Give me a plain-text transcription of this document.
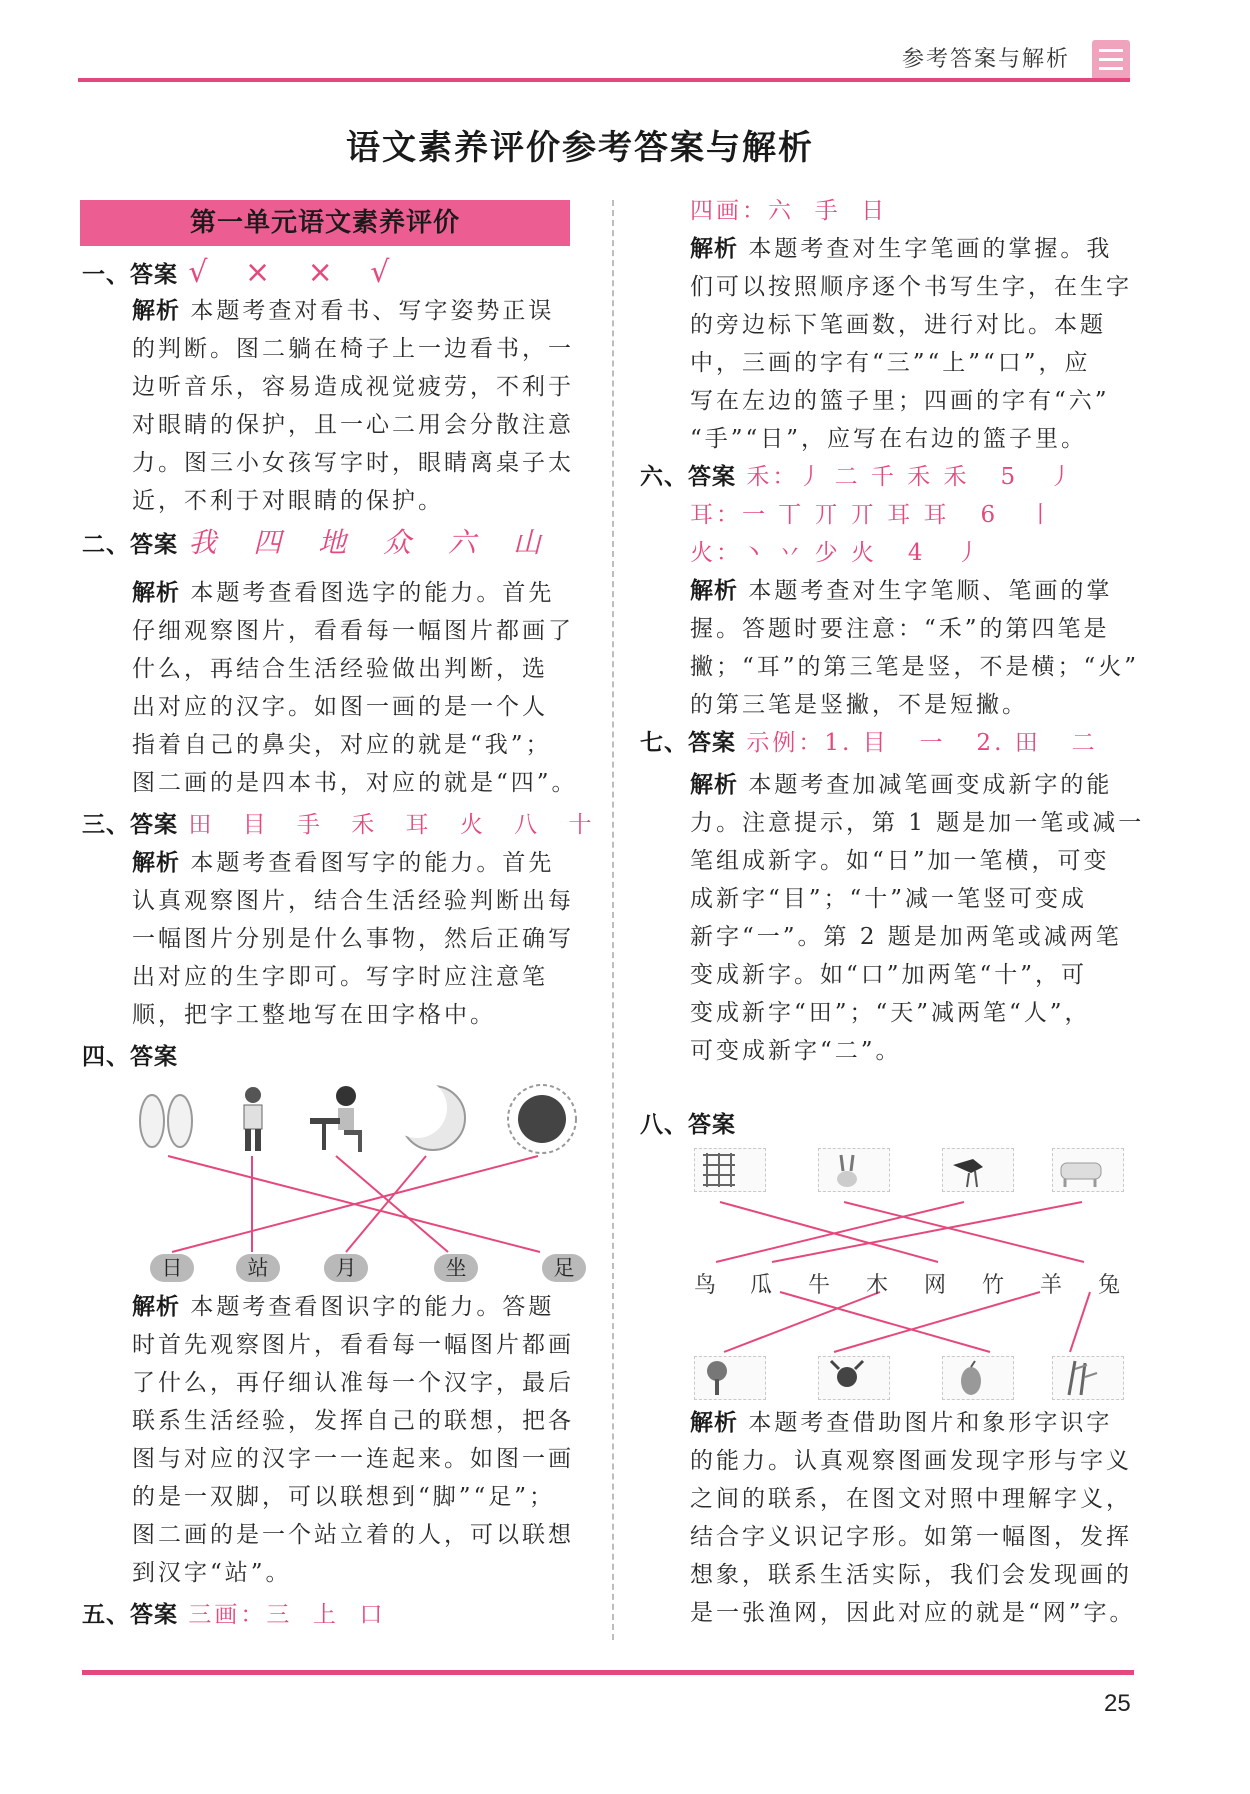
参考答案与解析
语文素养评价参考答案与解析
第一单元语文素养评价
一、答案 √ × × √
解析 本题考查对看书、写字姿势正误
的判断。图二躺在椅子上一边看书，一
边听音乐，容易造成视觉疲劳，不利于
对眼睛的保护，且一心二用会分散注意
力。图三小女孩写字时，眼睛离桌子太
近，不利于对眼睛的保护。
二、答案 我 四 地 众 六 山
解析 本题考查看图选字的能力。首先
仔细观察图片，看看每一幅图片都画了
什么，再结合生活经验做出判断，选
出对应的汉字。如图一画的是一个人
指着自己的鼻尖，对应的就是“我”；
图二画的是四本书，对应的就是“四”。
三、答案 田 目 手 禾 耳 火 八 十
解析 本题考查看图写字的能力。首先
认真观察图片，结合生活经验判断出每
一幅图片分别是什么事物，然后正确写
出对应的生字即可。写字时应注意笔
顺，把字工整地写在田字格中。
四、答案
日	站	月	坐	足
解析 本题考查看图识字的能力。答题
时首先观察图片，看看每一幅图片都画
了什么，再仔细认准每一个汉字，最后
联系生活经验，发挥自己的联想，把各
图与对应的汉字一一连起来。如图一画
的是一双脚，可以联想到“脚”“足”；
图二画的是一个站立着的人，可以联想
到汉字“站”。
五、答案 三画：三  上  口
四画：六  手  日
解析 本题考查对生字笔画的掌握。我
们可以按照顺序逐个书写生字，在生字
的旁边标下笔画数，进行对比。本题
中，三画的字有“三”“上”“口”，应
写在左边的篮子里；四画的字有“六”
“手”“日”，应写在右边的篮子里。
六、答案 禾：丿 二 千 禾 禾   5   丿
耳：一 丅 丌 丌 耳 耳   6   丨
火：丶 丷 少 火   4   丿
解析 本题考查对生字笔顺、笔画的掌
握。答题时要注意：“禾”的第四笔是
撇；“耳”的第三笔是竖，不是横；“火”
的第三笔是竖撇，不是短撇。
七、答案 示例：1. 目   一   2. 田   二
解析 本题考查加减笔画变成新字的能
力。注意提示，第 1 题是加一笔或减一
笔组成新字。如“日”加一笔横，可变
成新字“目”；“十”减一笔竖可变成
新字“一”。第 2 题是加两笔或减两笔
变成新字。如“口”加两笔“十”，可
变成新字“田”；“天”减两笔“人”，
可变成新字“二”。
八、答案
鸟 瓜 牛 木 网 竹 羊 兔
解析 本题考查借助图片和象形字识字
的能力。认真观察图画发现字形与字义
之间的联系，在图文对照中理解字义，
结合字义识记字形。如第一幅图，发挥
想象，联系生活实际，我们会发现画的
是一张渔网，因此对应的就是“网”字。
25
